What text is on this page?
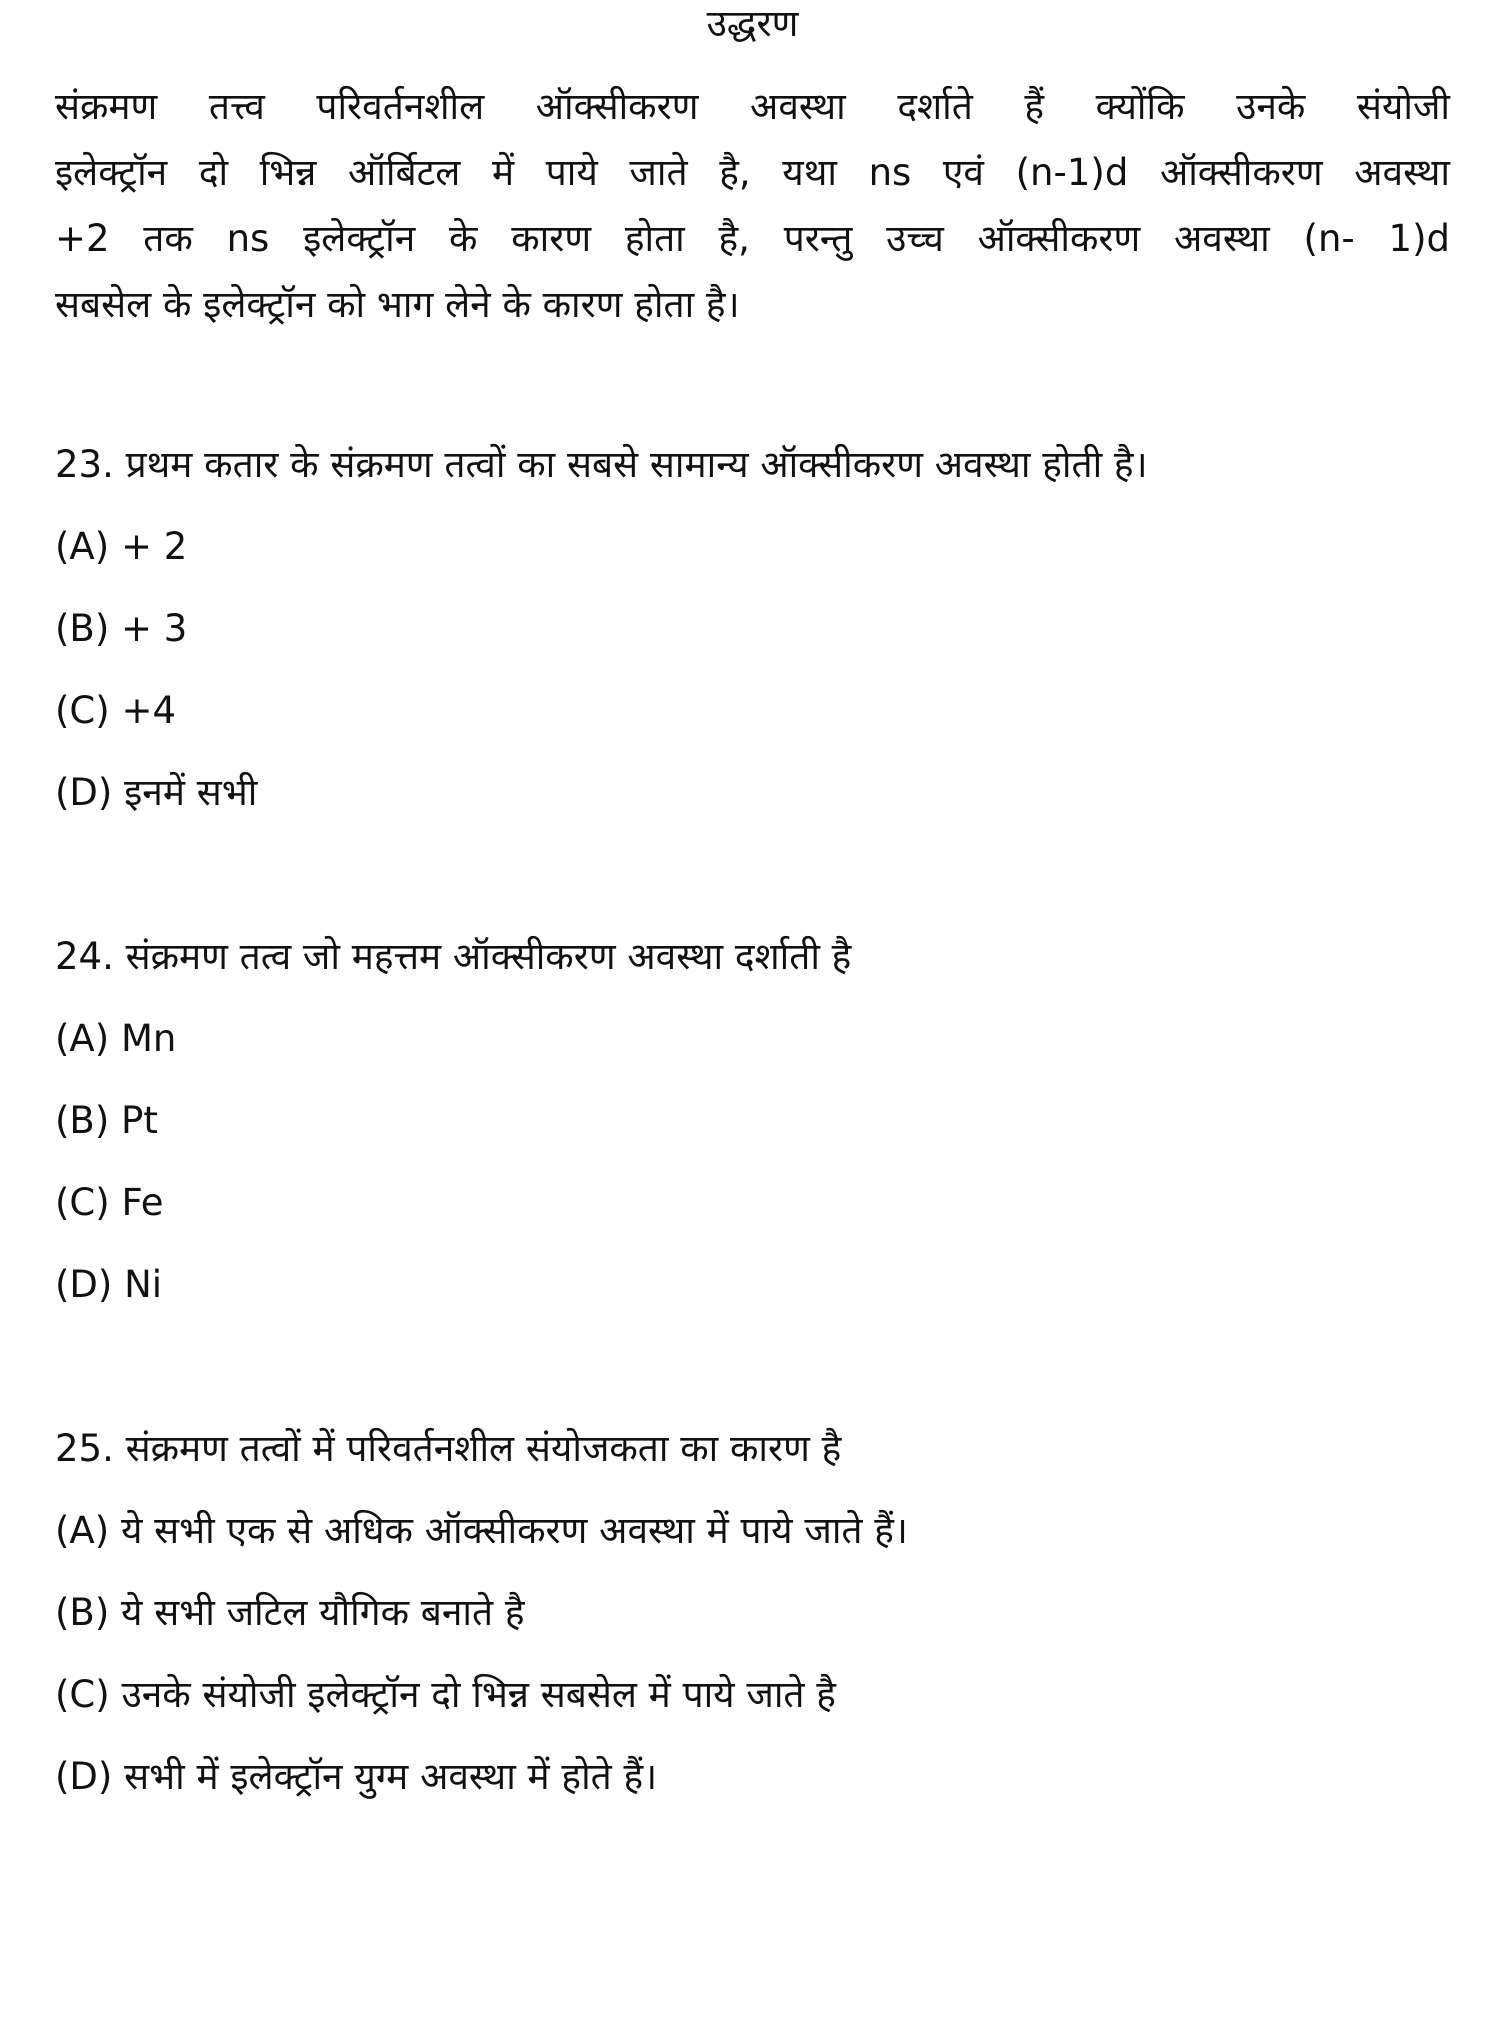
उद्धरण
संक्रमण तत्त्व परिवर्तनशील ऑक्सीकरण अवस्था दर्शाते हैं क्योंकि उनके संयोजी
इलेक्ट्रॉन दो भिन्न ऑर्बिटल में पाये जाते है, यथा ns एवं (n-1)d ऑक्सीकरण अवस्था
+2 तक ns इलेक्ट्रॉन के कारण होता है, परन्तु उच्च ऑक्सीकरण अवस्था (n- 1)d
सबसेल के इलेक्ट्रॉन को भाग लेने के कारण होता है।
23. प्रथम कतार के संक्रमण तत्वों का सबसे सामान्य ऑक्सीकरण अवस्था होती है।
(A) + 2
(B) + 3
(C) +4
(D) इनमें सभी
24. संक्रमण तत्व जो महत्तम ऑक्सीकरण अवस्था दर्शाती है
(A) Mn
(B) Pt
(C) Fe
(D) Ni
25. संक्रमण तत्वों में परिवर्तनशील संयोजकता का कारण है
(A) ये सभी एक से अधिक ऑक्सीकरण अवस्था में पाये जाते हैं।
(B) ये सभी जटिल यौगिक बनाते है
(C) उनके संयोजी इलेक्ट्रॉन दो भिन्न सबसेल में पाये जाते है
(D) सभी में इलेक्ट्रॉन युग्म अवस्था में होते हैं।
